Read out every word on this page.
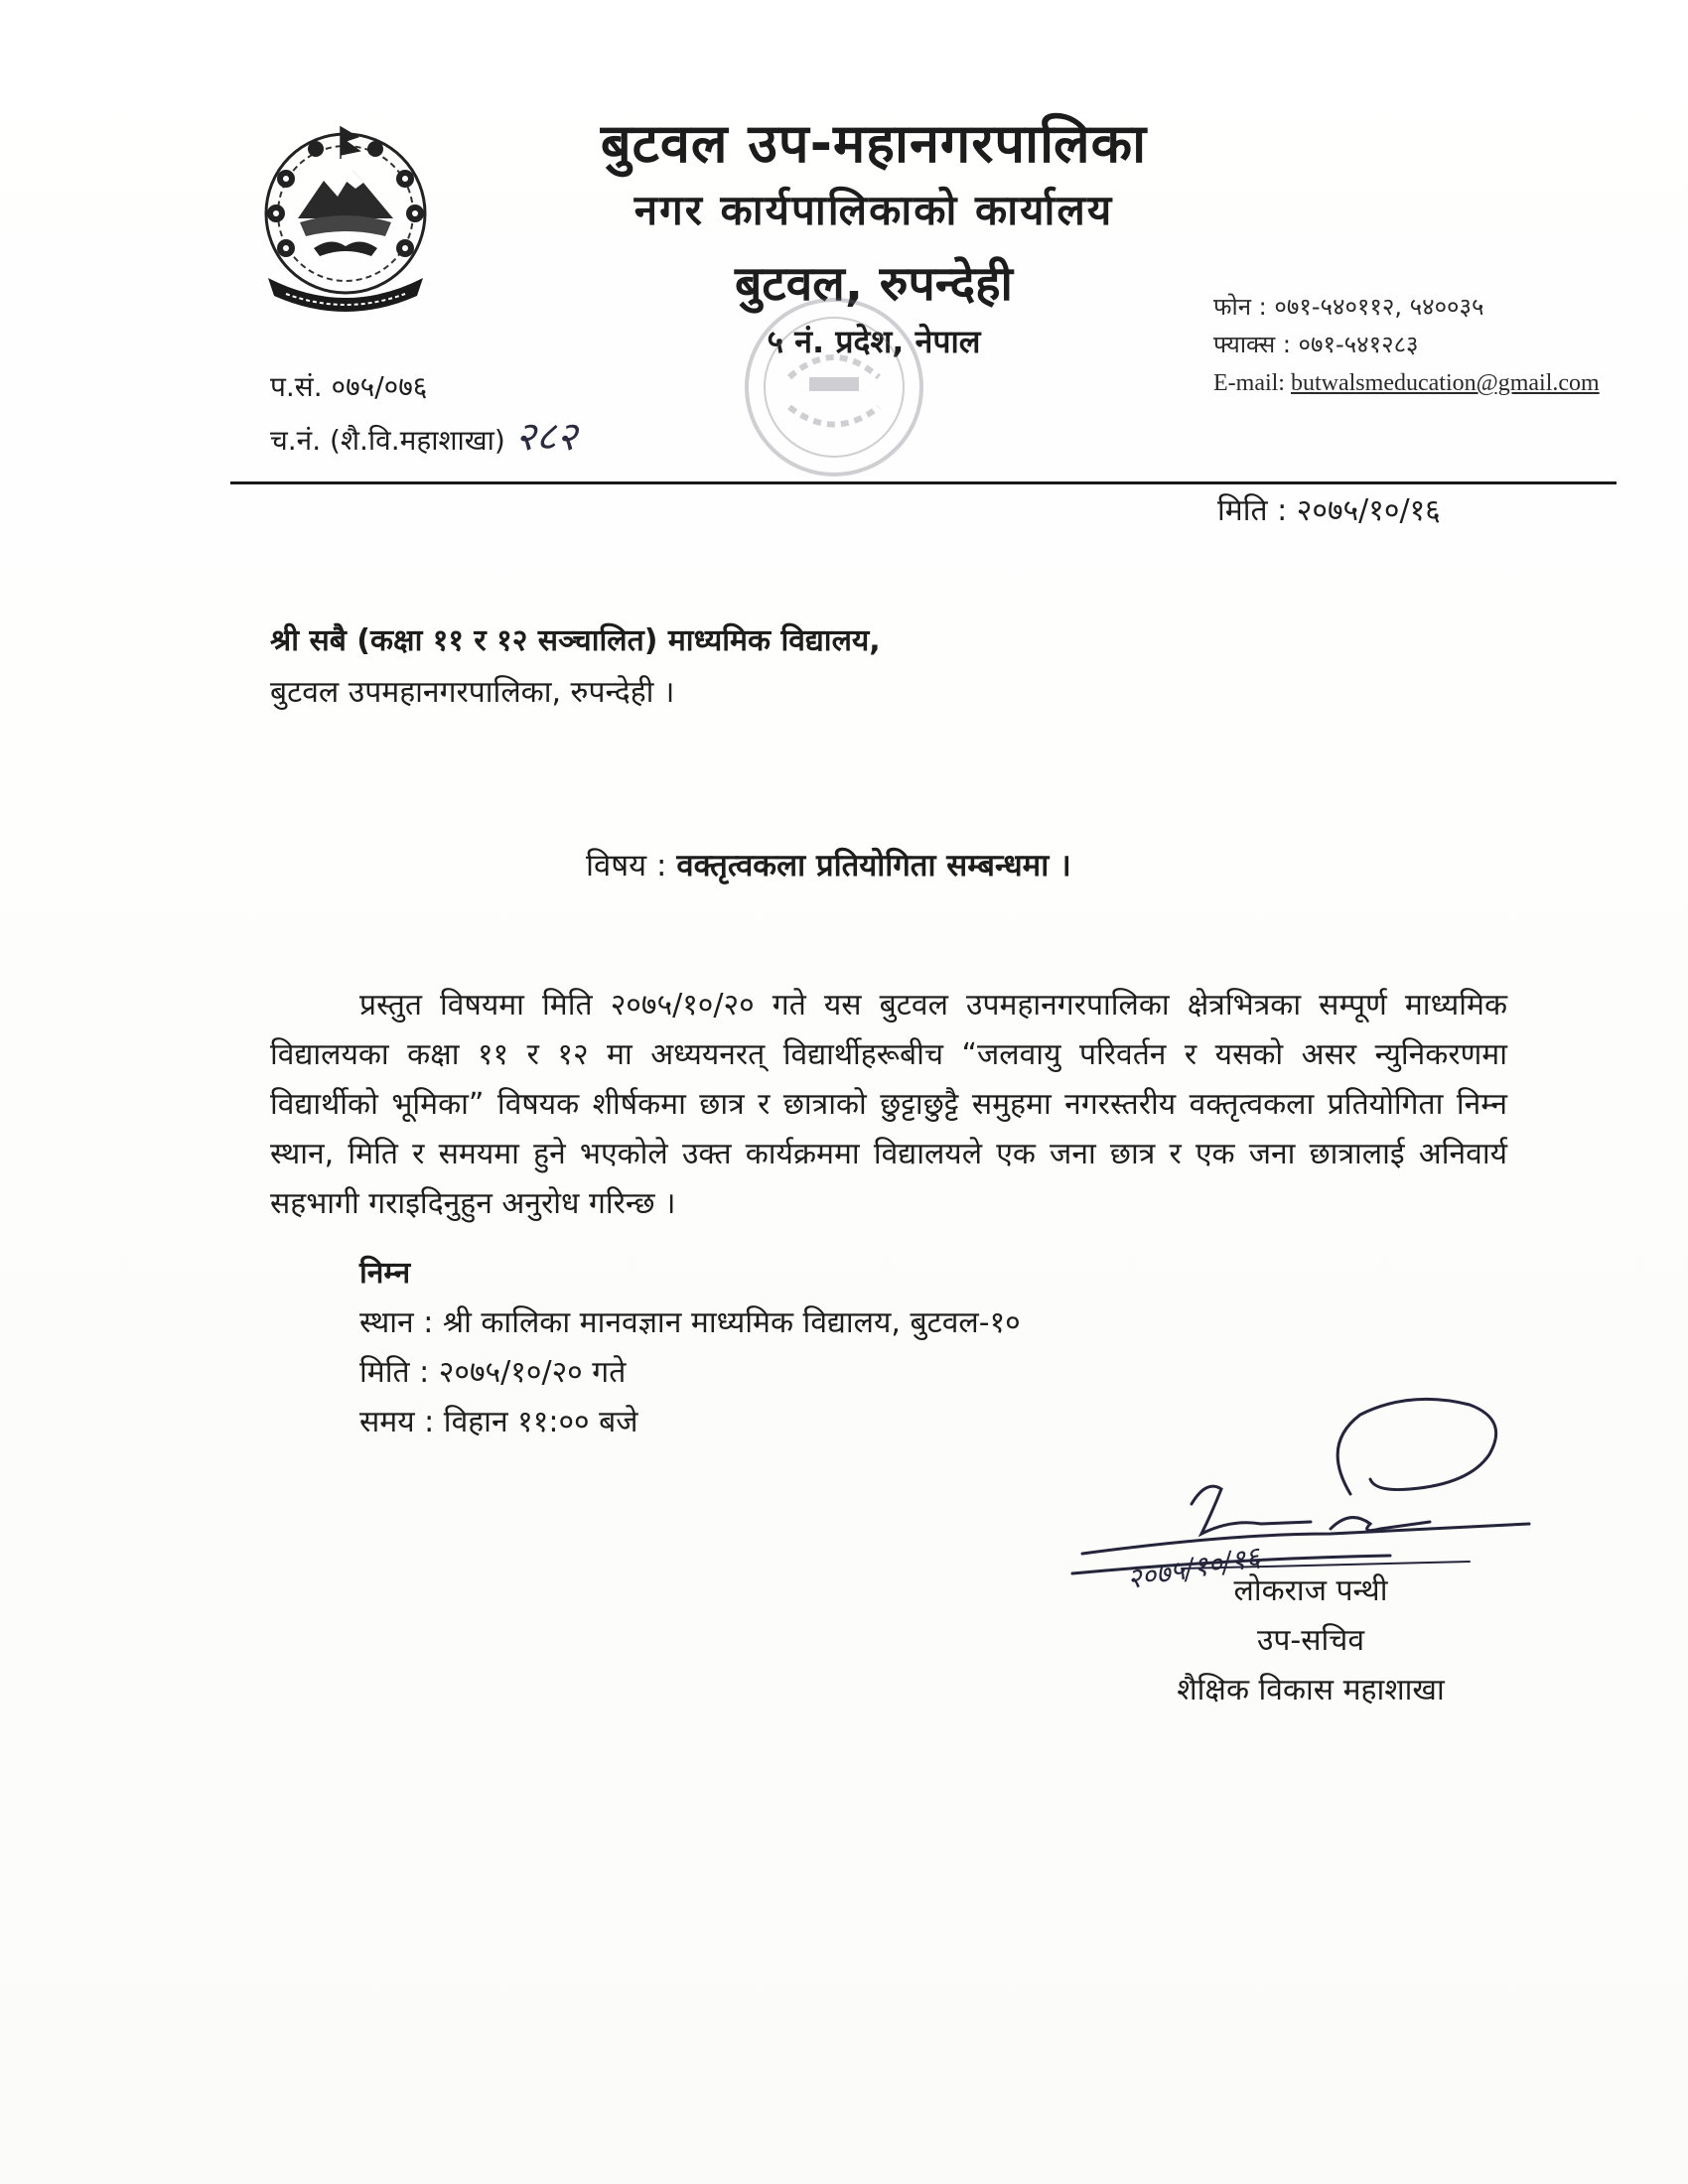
बुटवल उप-महानगरपालिका
नगर कार्यपालिकाको कार्यालय
बुटवल, रुपन्देही
५ नं. प्रदेश, नेपाल
फोन : ०७१-५४०११२, ५४००३५
फ्याक्स : ०७१-५४१२८३
E-mail: butwalsmeducation@gmail.com
प.सं. ०७५/०७६
च.नं. (शै.वि.महाशाखा) २८२
मिति : २०७५/१०/१६
श्री सबै (कक्षा ११ र १२ सञ्चालित) माध्यमिक विद्यालय,
बुटवल उपमहानगरपालिका, रुपन्देही ।
विषय : वक्तृत्वकला प्रतियोगिता सम्बन्धमा ।
प्रस्तुत विषयमा मिति २०७५/१०/२० गते यस बुटवल उपमहानगरपालिका क्षेत्रभित्रका सम्पूर्ण माध्यमिक विद्यालयका कक्षा ११ र १२ मा अध्ययनरत् विद्यार्थीहरूबीच “जलवायु परिवर्तन र यसको असर न्युनिकरणमा विद्यार्थीको भूमिका” विषयक शीर्षकमा छात्र र छात्राको छुट्टाछुट्टै समुहमा नगरस्तरीय वक्तृत्वकला प्रतियोगिता निम्न स्थान, मिति र समयमा हुने भएकोले उक्त कार्यक्रममा विद्यालयले एक जना छात्र र एक जना छात्रालाई अनिवार्य सहभागी गराइदिनुहुन अनुरोध गरिन्छ ।
निम्न
स्थान : श्री कालिका मानवज्ञान माध्यमिक विद्यालय, बुटवल-१०
मिति : २०७५/१०/२० गते
समय : विहान ११:०० बजे
२०७५/१०/१६
लोकराज पन्थी
उप-सचिव
शैक्षिक विकास महाशाखा
